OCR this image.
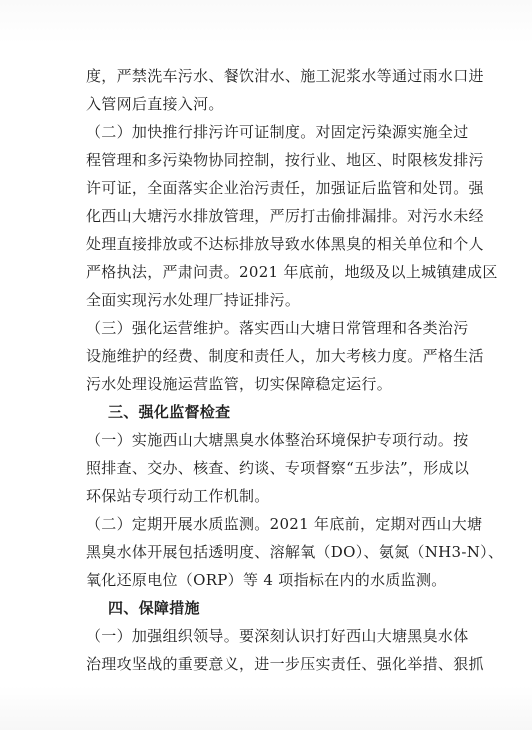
度，严禁洗车污水、餐饮泔水、施工泥浆水等通过雨水口进
入管网后直接入河。
（二）加快推行排污许可证制度。对固定污染源实施全过
程管理和多污染物协同控制，按行业、地区、时限核发排污
许可证，全面落实企业治污责任，加强证后监管和处罚。强
化西山大塘污水排放管理，严厉打击偷排漏排。对污水未经
处理直接排放或不达标排放导致水体黑臭的相关单位和个人
严格执法，严肃问责。2021 年底前，地级及以上城镇建成区
全面实现污水处理厂持证排污。
（三）强化运营维护。落实西山大塘日常管理和各类治污
设施维护的经费、制度和责任人，加大考核力度。严格生活
污水处理设施运营监管，切实保障稳定运行。
三、强化监督检查
（一）实施西山大塘黑臭水体整治环境保护专项行动。按
照排查、交办、核查、约谈、专项督察“五步法”，形成以
环保站专项行动工作机制。
（二）定期开展水质监测。2021 年底前，定期对西山大塘
黑臭水体开展包括透明度、溶解氧（DO）、氨氮（NH3-N）、
氧化还原电位（ORP）等 4 项指标在内的水质监测。
四、保障措施
（一）加强组织领导。要深刻认识打好西山大塘黑臭水体
治理攻坚战的重要意义，进一步压实责任、强化举措、狠抓
